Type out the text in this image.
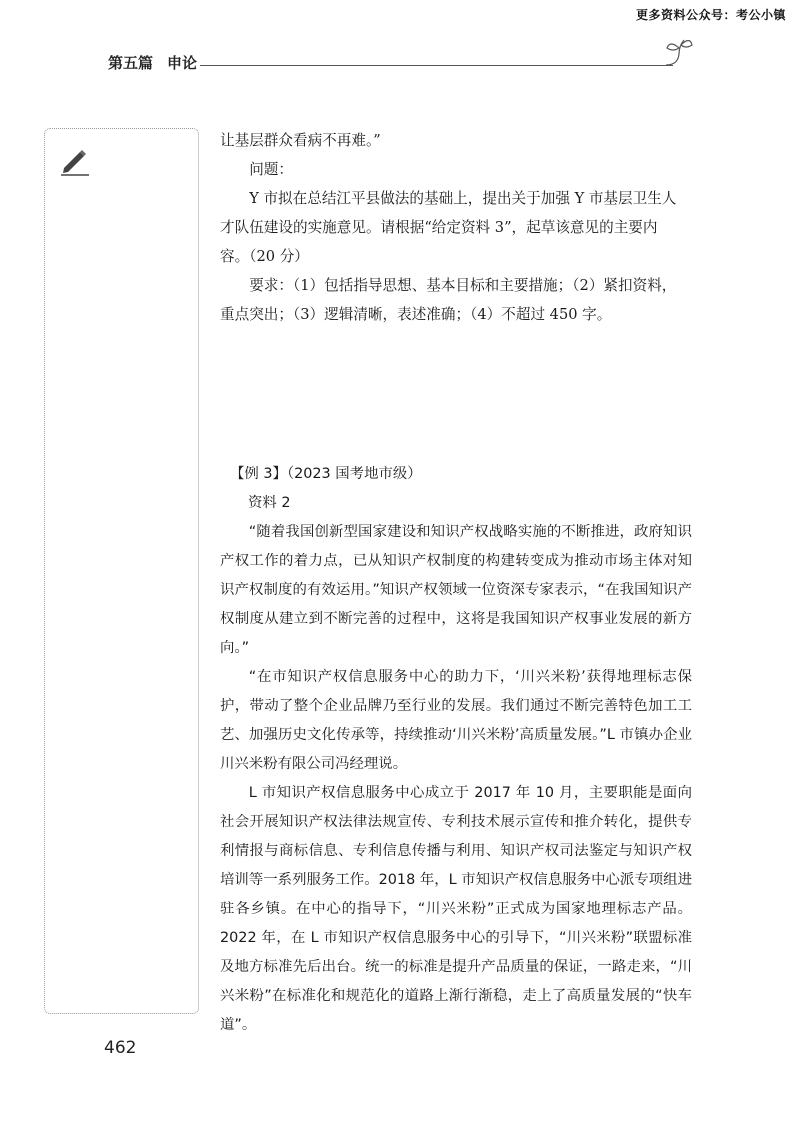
更多资料公众号：考公小镇
第五篇 申论

让基层群众看病不再难。”

问题：

Y 市拟在总结江平县做法的基础上，提出关于加强 Y 市基层卫生人才队伍建设的实施意见。请根据“给定资料 3”，起草该意见的主要内容。（20 分）

要求：（1）包括指导思想、基本目标和主要措施；（2）紧扣资料，重点突出；（3）逻辑清晰，表述准确；（4）不超过 450 字。

【例 3】（2023 国考地市级）

资料 2

“随着我国创新型国家建设和知识产权战略实施的不断推进，政府知识产权工作的着力点，已从知识产权制度的构建转变成为推动市场主体对知识产权制度的有效运用。”知识产权领域一位资深专家表示，“在我国知识产权制度从建立到不断完善的过程中，这将是我国知识产权事业发展的新方向。”

“在市知识产权信息服务中心的助力下，‘川兴米粉’获得地理标志保护，带动了整个企业品牌乃至行业的发展。我们通过不断完善特色加工工艺、加强历史文化传承等，持续推动‘川兴米粉’高质量发展。”L 市镇办企业川兴米粉有限公司冯经理说。

L 市知识产权信息服务中心成立于 2017 年 10 月，主要职能是面向社会开展知识产权法律法规宣传、专利技术展示宣传和推介转化，提供专利情报与商标信息、专利信息传播与利用、知识产权司法鉴定与知识产权培训等一系列服务工作。2018 年，L 市知识产权信息服务中心派专项组进驻各乡镇。在中心的指导下，“川兴米粉”正式成为国家地理标志产品。2022 年，在 L 市知识产权信息服务中心的引导下，“川兴米粉”联盟标准及地方标准先后出台。统一的标准是提升产品质量的保证，一路走来，“川兴米粉”在标准化和规范化的道路上渐行渐稳，走上了高质量发展的“快车道”。

462
